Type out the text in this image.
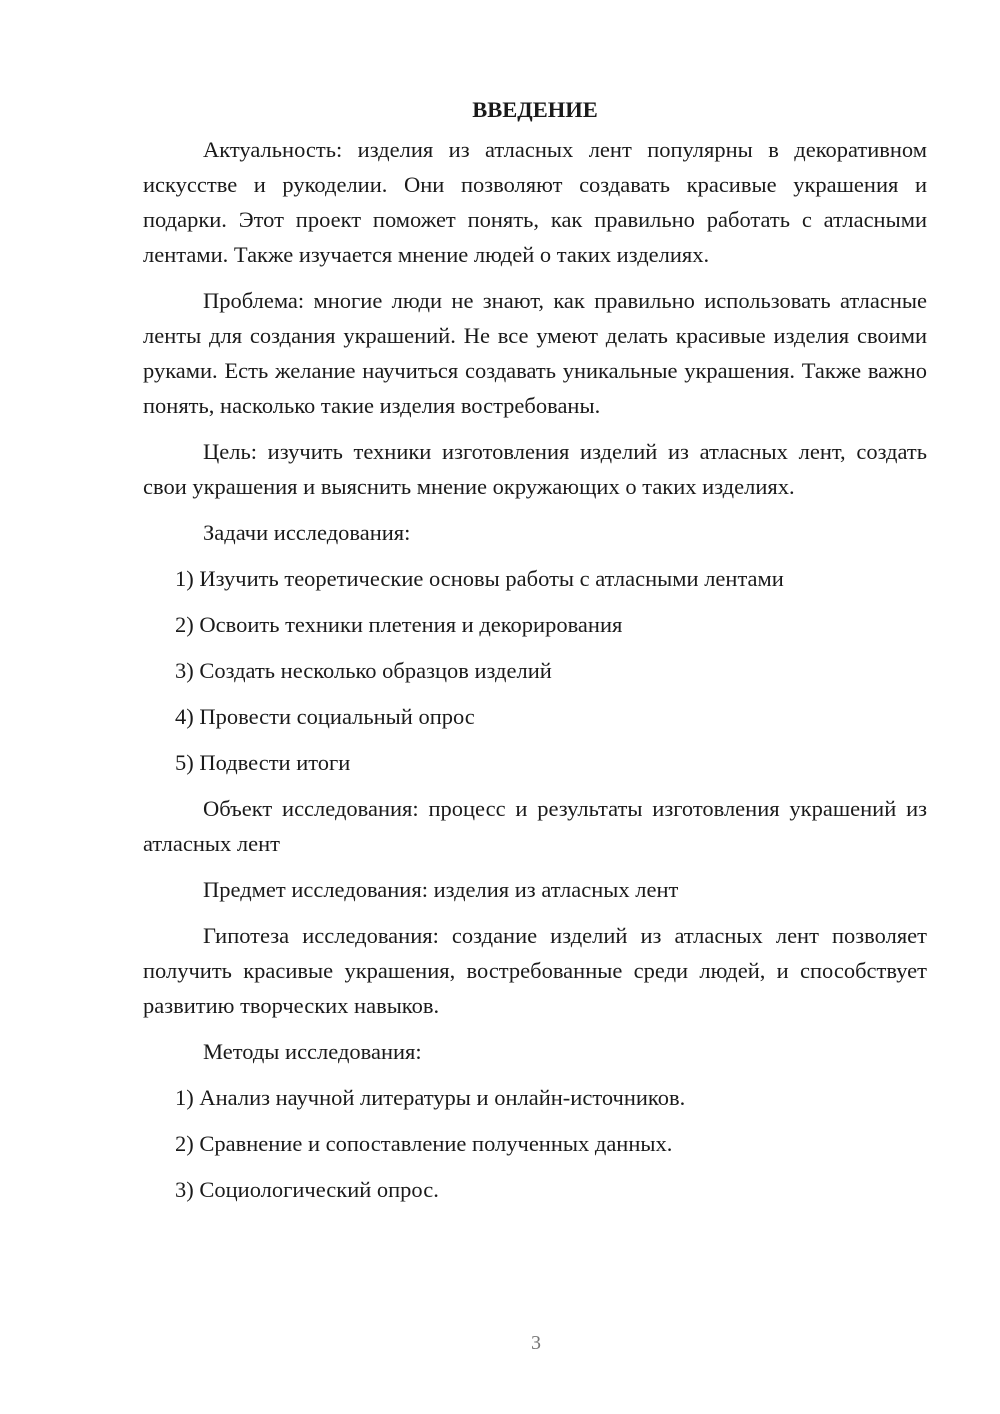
ВВЕДЕНИЕ
Актуальность: изделия из атласных лент популярны в декоративном искусстве и рукоделии. Они позволяют создавать красивые украшения и подарки. Этот проект поможет понять, как правильно работать с атласными лентами. Также изучается мнение людей о таких изделиях.
Проблема: многие люди не знают, как правильно использовать атласные ленты для создания украшений. Не все умеют делать красивые изделия своими руками. Есть желание научиться создавать уникальные украшения. Также важно понять, насколько такие изделия востребованы.
Цель: изучить техники изготовления изделий из атласных лент, создать свои украшения и выяснить мнение окружающих о таких изделиях.
Задачи исследования:
1) Изучить теоретические основы работы с атласными лентами
2) Освоить техники плетения и декорирования
3) Создать несколько образцов изделий
4) Провести социальный опрос
5) Подвести итоги
Объект исследования: процесс и результаты изготовления украшений из атласных лент
Предмет исследования: изделия из атласных лент
Гипотеза исследования: создание изделий из атласных лент позволяет получить красивые украшения, востребованные среди людей, и способствует развитию творческих навыков.
Методы исследования:
1) Анализ научной литературы и онлайн-источников.
2) Сравнение и сопоставление полученных данных.
3) Социологический опрос.
3
